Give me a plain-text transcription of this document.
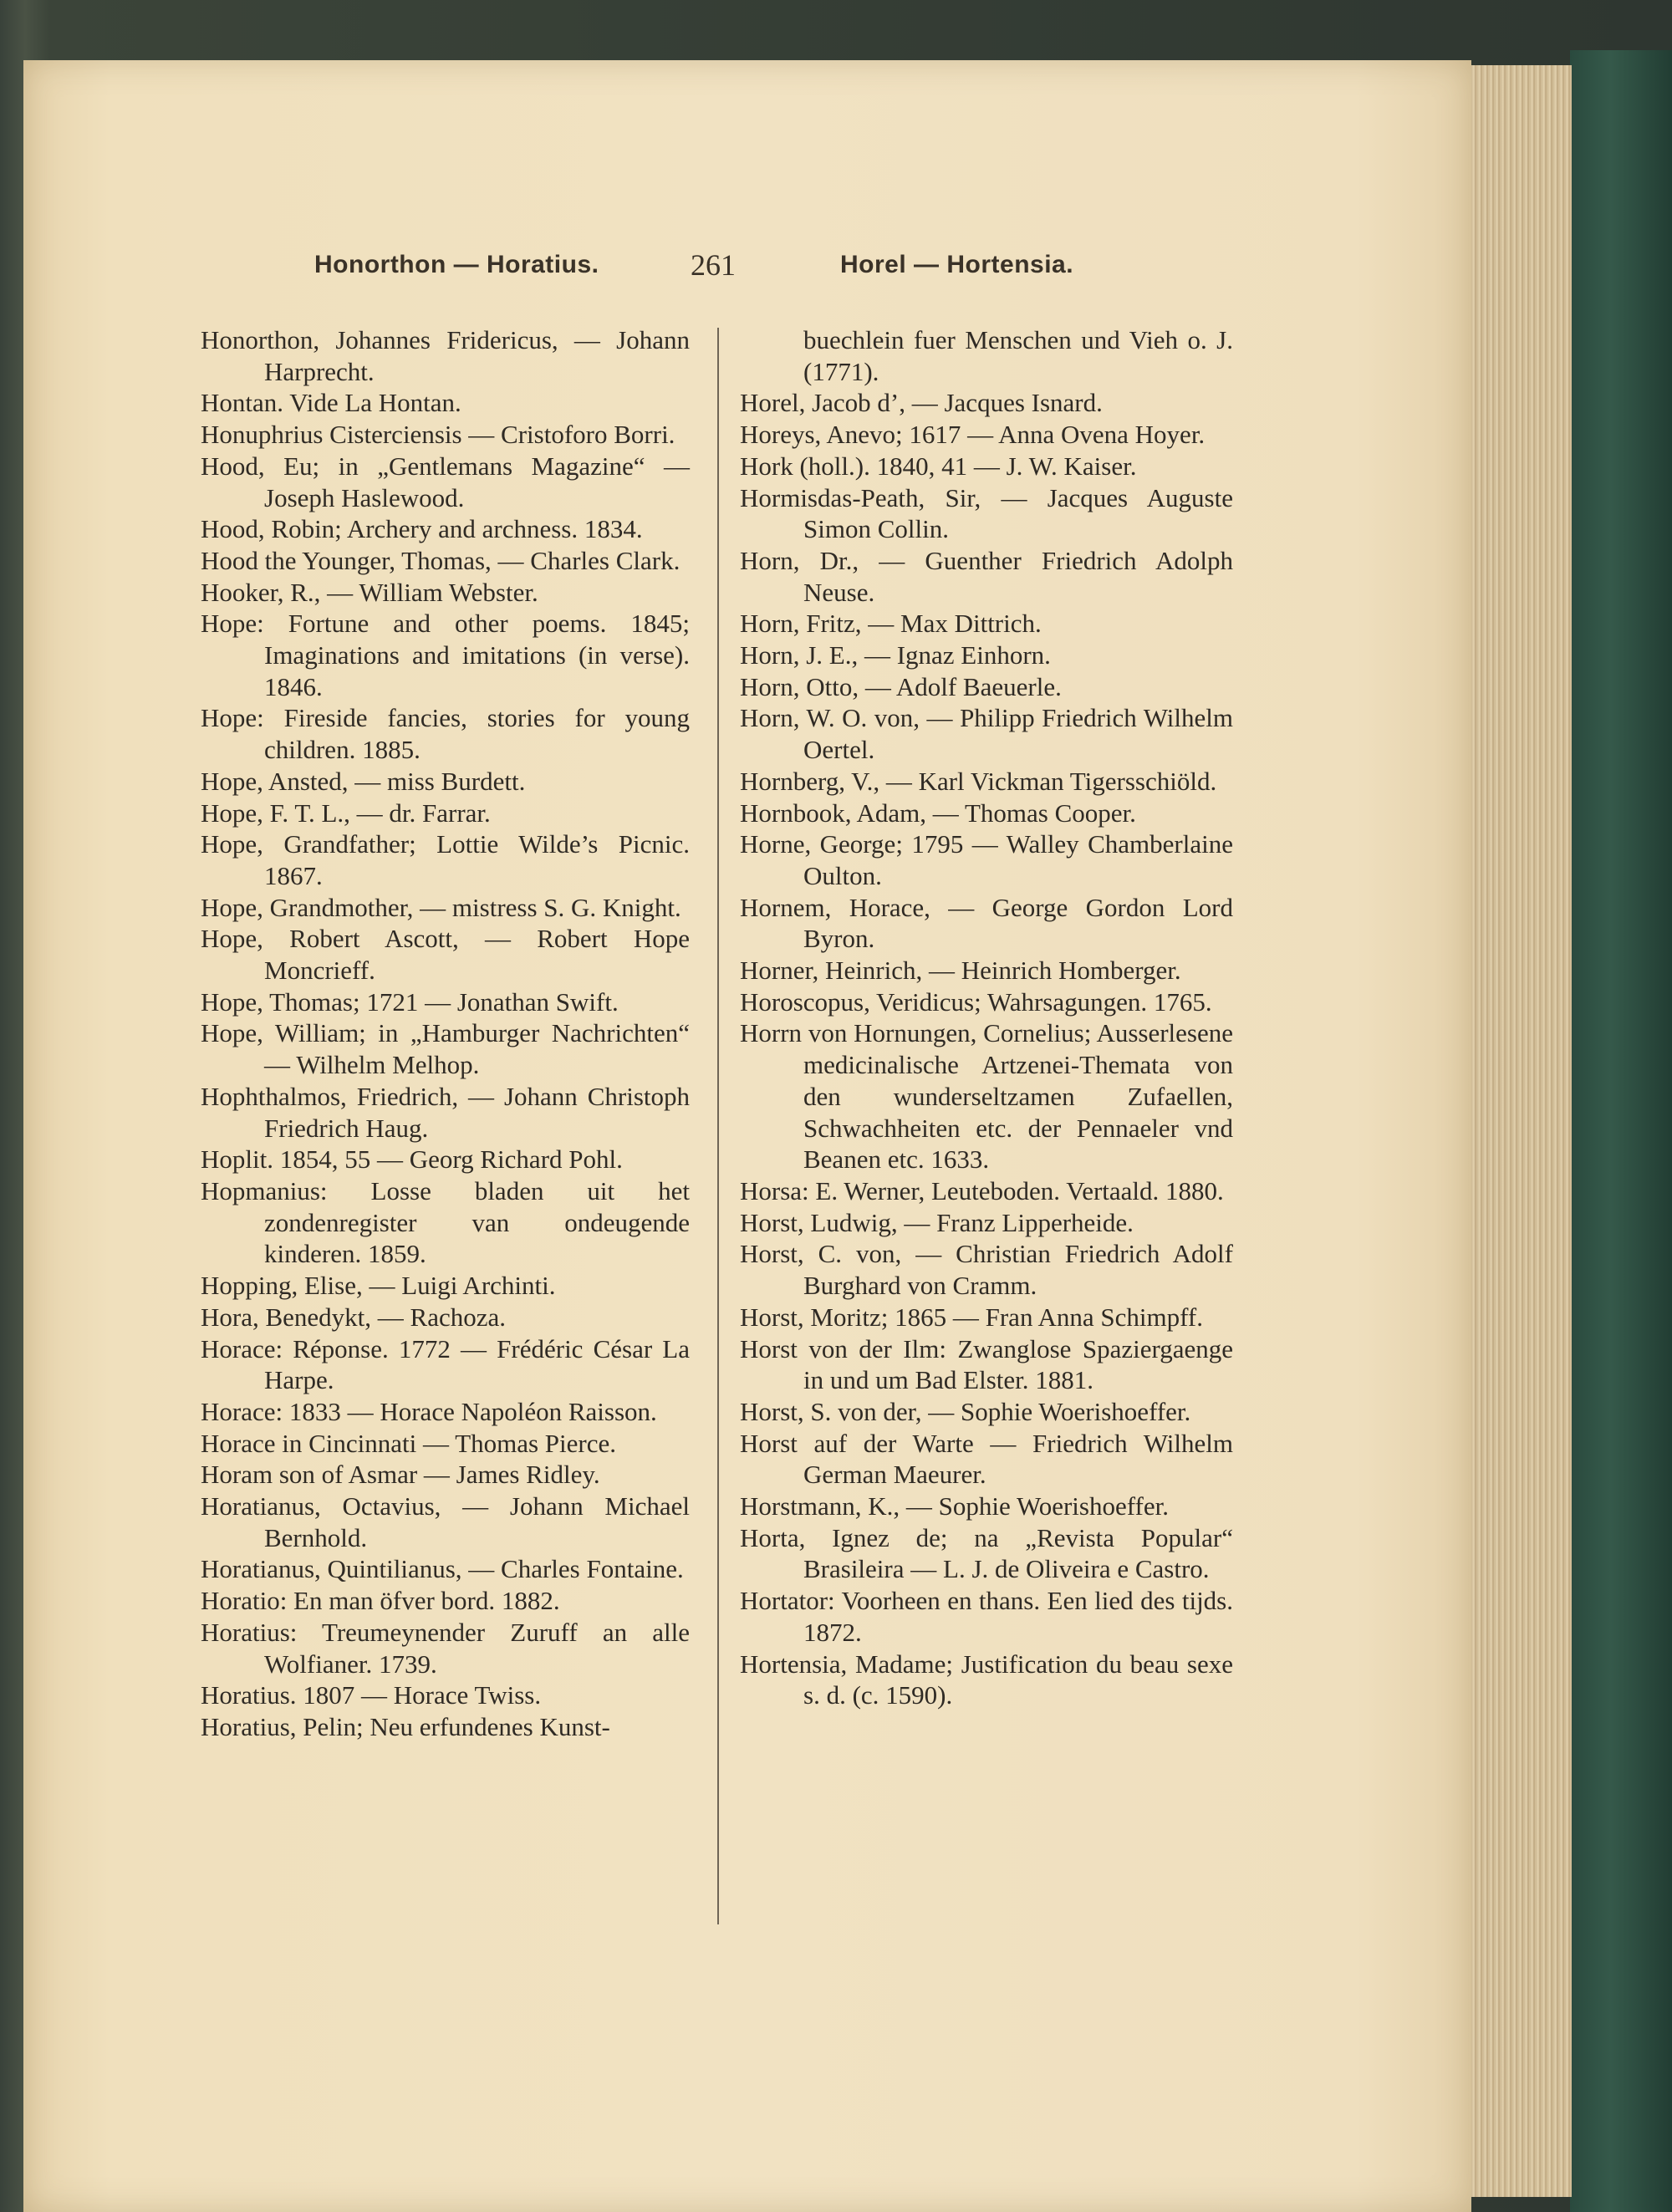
Honorthon — Horatius.	261	Horel — Hortensia.

Honorthon, Johannes Fridericus, — Johann Harprecht.

Hontan. Vide La Hontan.

Honuphrius Cisterciensis — Cristoforo Borri.

Hood, Eu; in „Gentlemans Magazine“ — Joseph Haslewood.

Hood, Robin; Archery and archness. 1834.

Hood the Younger, Thomas, — Charles Clark.

Hooker, R., — William Webster.

Hope: Fortune and other poems. 1845; Imaginations and imitations (in verse). 1846.

Hope: Fireside fancies, stories for young children. 1885.

Hope, Ansted, — miss Burdett.

Hope, F. T. L., — dr. Farrar.

Hope, Grandfather; Lottie Wilde’s Picnic. 1867.

Hope, Grandmother, — mistress S. G. Knight.

Hope, Robert Ascott, — Robert Hope Moncrieff.

Hope, Thomas; 1721 — Jonathan Swift.

Hope, William; in „Hamburger Nachrichten“ — Wilhelm Melhop.

Hophthalmos, Friedrich, — Johann Christoph Friedrich Haug.

Hoplit. 1854, 55 — Georg Richard Pohl.

Hopmanius: Losse bladen uit het zondenregister van ondeugende kinderen. 1859.

Hopping, Elise, — Luigi Archinti.

Hora, Benedykt, — Rachoza.

Horace: Réponse. 1772 — Frédéric César La Harpe.

Horace: 1833 — Horace Napoléon Raisson.

Horace in Cincinnati — Thomas Pierce.

Horam son of Asmar — James Ridley.

Horatianus, Octavius, — Johann Michael Bernhold.

Horatianus, Quintilianus, — Charles Fontaine.

Horatio: En man öfver bord. 1882.

Horatius: Treumeynender Zuruff an alle Wolfianer. 1739.

Horatius. 1807 — Horace Twiss.

Horatius, Pelin; Neu erfundenes Kunst-

buechlein fuer Menschen und Vieh o. J. (1771).

Horel, Jacob d’, — Jacques Isnard.

Horeys, Anevo; 1617 — Anna Ovena Hoyer.

Hork (holl.). 1840, 41 — J. W. Kaiser.

Hormisdas-Peath, Sir, — Jacques Auguste Simon Collin.

Horn, Dr., — Guenther Friedrich Adolph Neuse.

Horn, Fritz, — Max Dittrich.

Horn, J. E., — Ignaz Einhorn.

Horn, Otto, — Adolf Baeuerle.

Horn, W. O. von, — Philipp Friedrich Wilhelm Oertel.

Hornberg, V., — Karl Vickman Tigersschiöld.

Hornbook, Adam, — Thomas Cooper.

Horne, George; 1795 — Walley Chamberlaine Oulton.

Hornem, Horace, — George Gordon Lord Byron.

Horner, Heinrich, — Heinrich Homberger.

Horoscopus, Veridicus; Wahrsagungen. 1765.

Horrn von Hornungen, Cornelius; Ausserlesene medicinalische Artzenei-Themata von den wunderseltzamen Zufaellen, Schwachheiten etc. der Pennaeler vnd Beanen etc. 1633.

Horsa: E. Werner, Leuteboden. Vertaald. 1880.

Horst, Ludwig, — Franz Lipperheide.

Horst, C. von, — Christian Friedrich Adolf Burghard von Cramm.

Horst, Moritz; 1865 — Fran Anna Schimpff.

Horst von der Ilm: Zwanglose Spaziergaenge in und um Bad Elster. 1881.

Horst, S. von der, — Sophie Woerishoeffer.

Horst auf der Warte — Friedrich Wilhelm German Maeurer.

Horstmann, K., — Sophie Woerishoeffer.

Horta, Ignez de; na „Revista Popular“ Brasileira — L. J. de Oliveira e Castro.

Hortator: Voorheen en thans. Een lied des tijds. 1872.

Hortensia, Madame; Justification du beau sexe s. d. (c. 1590).
